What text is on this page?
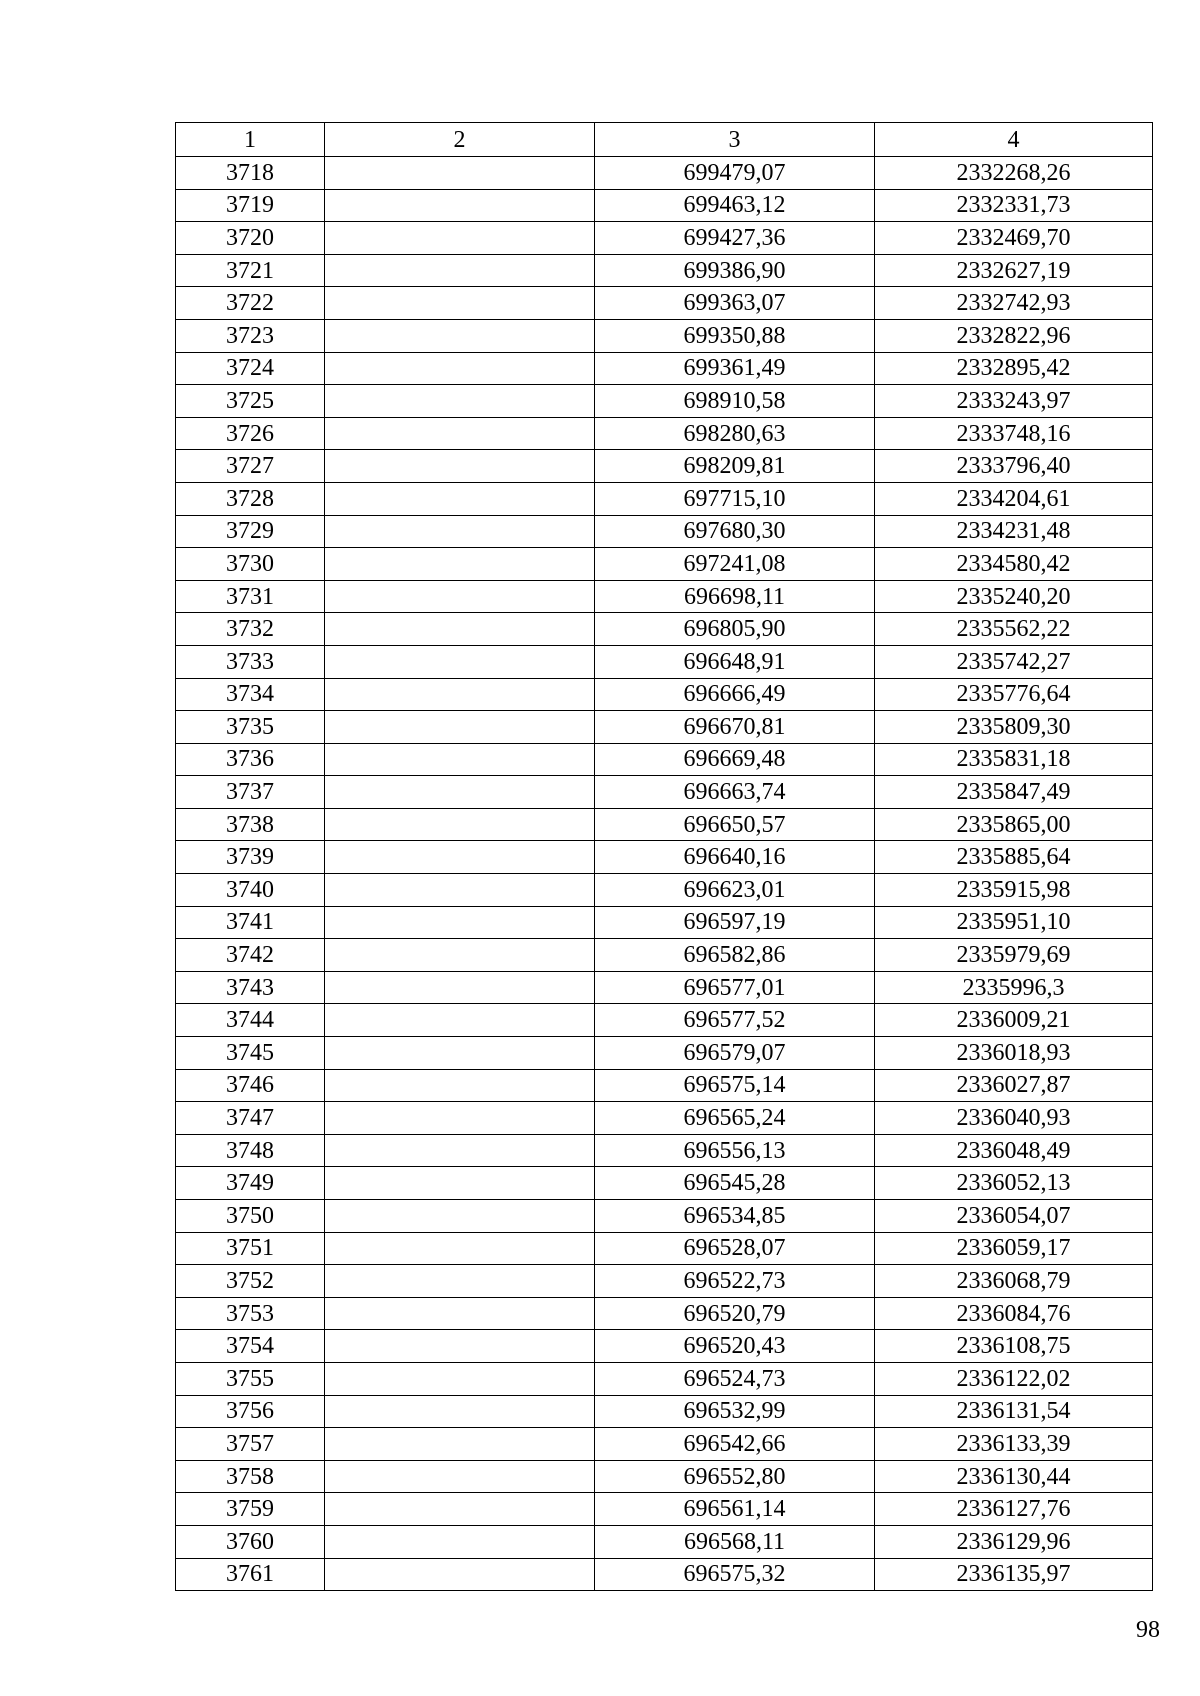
1	2	3	4
3718		699479,07	2332268,26
3719		699463,12	2332331,73
3720		699427,36	2332469,70
3721		699386,90	2332627,19
3722		699363,07	2332742,93
3723		699350,88	2332822,96
3724		699361,49	2332895,42
3725		698910,58	2333243,97
3726		698280,63	2333748,16
3727		698209,81	2333796,40
3728		697715,10	2334204,61
3729		697680,30	2334231,48
3730		697241,08	2334580,42
3731		696698,11	2335240,20
3732		696805,90	2335562,22
3733		696648,91	2335742,27
3734		696666,49	2335776,64
3735		696670,81	2335809,30
3736		696669,48	2335831,18
3737		696663,74	2335847,49
3738		696650,57	2335865,00
3739		696640,16	2335885,64
3740		696623,01	2335915,98
3741		696597,19	2335951,10
3742		696582,86	2335979,69
3743		696577,01	2335996,3
3744		696577,52	2336009,21
3745		696579,07	2336018,93
3746		696575,14	2336027,87
3747		696565,24	2336040,93
3748		696556,13	2336048,49
3749		696545,28	2336052,13
3750		696534,85	2336054,07
3751		696528,07	2336059,17
3752		696522,73	2336068,79
3753		696520,79	2336084,76
3754		696520,43	2336108,75
3755		696524,73	2336122,02
3756		696532,99	2336131,54
3757		696542,66	2336133,39
3758		696552,80	2336130,44
3759		696561,14	2336127,76
3760		696568,11	2336129,96
3761		696575,32	2336135,97
98
